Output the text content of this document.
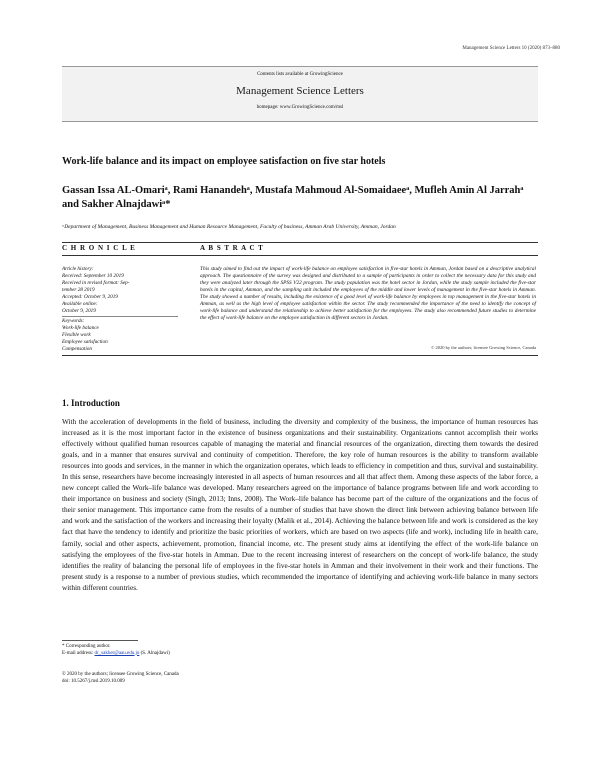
Management Science Letters 10 (2020) 873–880
Contents lists available at GrowingScience
Management Science Letters
homepage: www.GrowingScience.com/msl
Work-life balance and its impact on employee satisfaction on five star hotels
Gassan Issa AL-Omariᵃ, Rami Hanandehᵃ, Mustafa Mahmoud Al-Somaidaeeᵃ, Mufleh Amin Al Jarrahᵃ and Sakher Alnajdawiᵃ*
ᵃDepartment of Management, Business Management and Human Resource Management, Faculty of business, Amman Arab University, Amman, Jordan
C H R O N I C L E	A B S T R A C T
Article history:
Received: September 10 2019
Received in revised format: Sep-
tember 28 2019
Accepted: October 9, 2019
Available online:
October 9, 2019
Keywords:
Work-life balance
Flexible work
Employee satisfaction
Compensation
This study aimed to find out the impact of work-life balance on employee satisfaction in five-star hotels in Amman, Jordan based on a descriptive analytical approach. The questionnaire of the survey was designed and distributed to a sample of participants in order to collect the necessary data for this study and they were analyzed later through the SPSS V22 program. The study population was the hotel sector in Jordan, while the study sample included the five-star hotels in the capital, Amman, and the sampling unit included the employees of the middle and lower levels of management in the five-star hotels in Amman. The study showed a number of results, including the existence of a good level of work-life balance by employees in top management in the five-star hotels in Amman, as well as the high level of employee satisfaction within the sector. The study recommended the importance of the need to identify the concept of work-life balance and understand the relationship to achieve better satisfaction for the employees. The study also recommended future studies to determine the effect of work-life balance on the employee satisfaction in different sectors in Jordan.
© 2020 by the authors; licensee Growing Science, Canada
1. Introduction

With the acceleration of developments in the field of business, including the diversity and complexity of the business, the importance of human resources has increased as it is the most important factor in the existence of business organizations and their sustainability. Organizations cannot accomplish their works effectively without qualified human resources capable of managing the material and financial resources of the organization, directing them towards the desired goals, and in a manner that ensures survival and continuity of competition. Therefore, the key role of human resources is the ability to transform available resources into goods and services, in the manner in which the organization operates, which leads to efficiency in competition and thus, survival and sustainability. In this sense, researchers have become increasingly interested in all aspects of human resources and all that affect them. Among these aspects of the labor force, a new concept called the Work–life balance was developed. Many researchers agreed on the importance of balance programs between life and work according to their importance on business and society (Singh, 2013; Inns, 2008). The Work–life balance has become part of the culture of the organizations and the focus of their senior management. This importance came from the results of a number of studies that have shown the direct link between achieving balance between life and work and the satisfaction of the workers and increasing their loyalty (Malik et al., 2014). Achieving the balance between life and work is considered as the key fact that have the tendency to identify and prioritize the basic priorities of workers, which are based on two aspects (life and work), including life in health care, family, social and other aspects, achievement, promotion, financial income, etc. The present study aims at identifying the effect of the work-life balance on satisfying the employees of the five-star hotels in Amman. Due to the recent increasing interest of researchers on the concept of work-life balance, the study identifies the reality of balancing the personal life of employees in the five-star hotels in Amman and their involvement in their work and their functions. The present study is a response to a number of previous studies, which recommended the importance of identifying and achieving work-life balance in many sectors within different countries.

* Corresponding author.
E-mail address: dr_sakher@aau.edu.jo (S. Alnajdawi)
© 2020 by the authors; licensee Growing Science, Canada
doi: 10.5267/j.msl.2019.10.009
